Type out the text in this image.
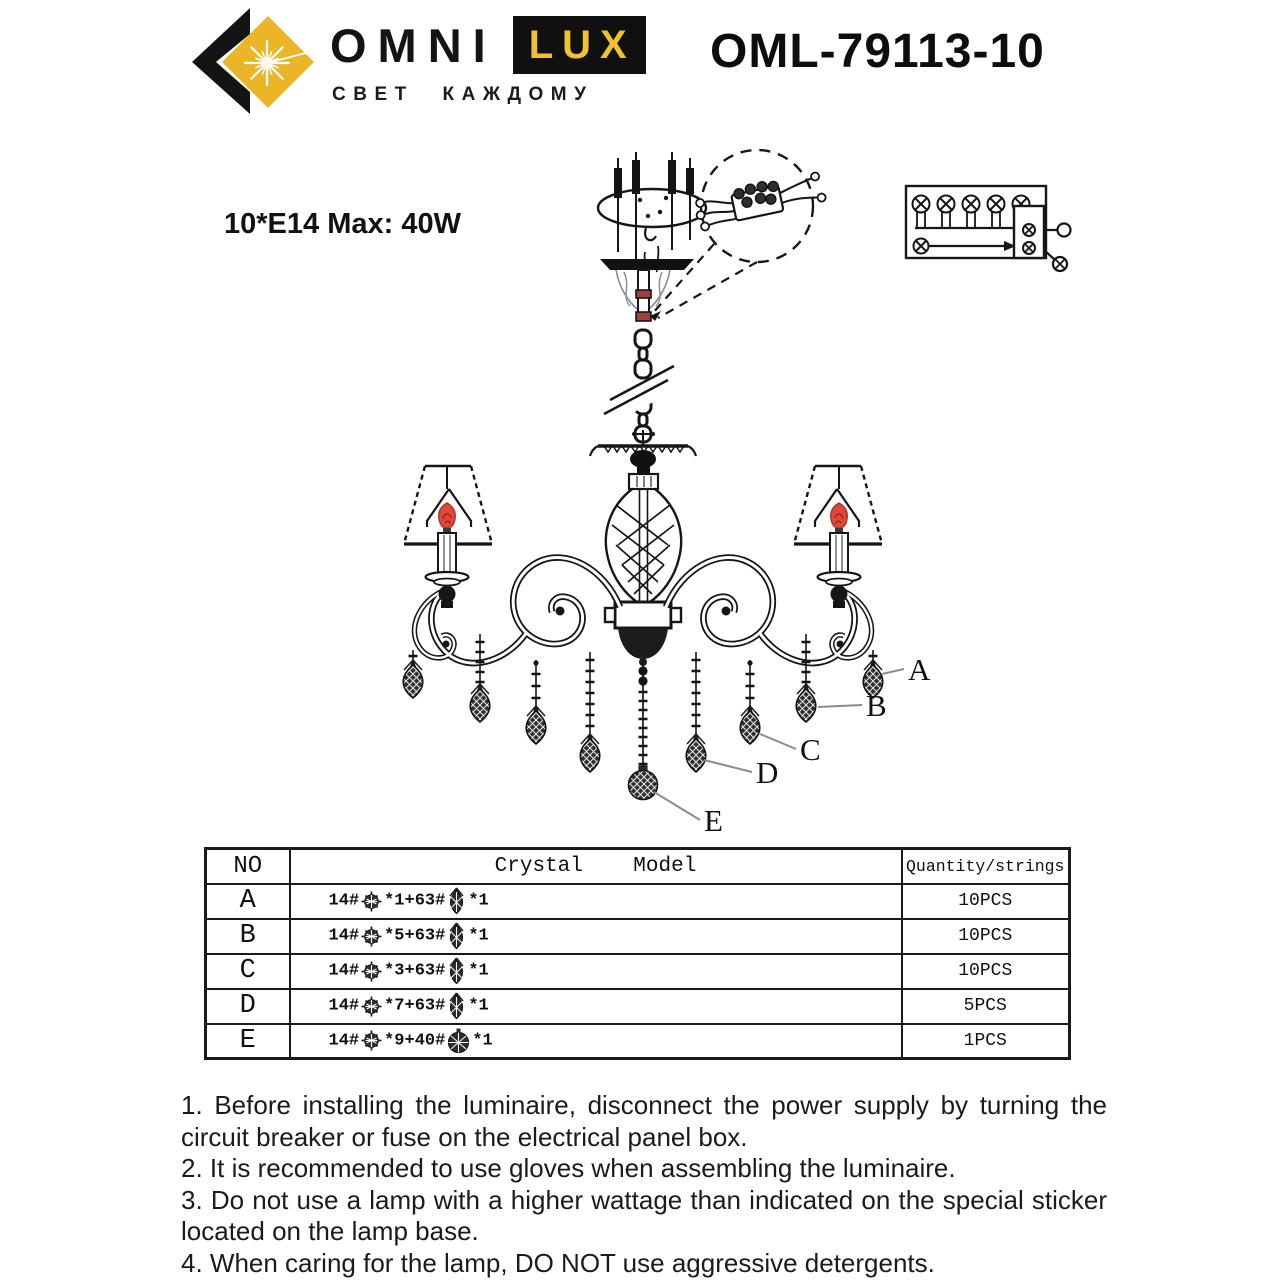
OMNI LUX
СВЕТ КАЖДОМУ
OML-79113-10
10*E14 Max: 40W
A
B
C
D
E
NO	Crystal    Model	Quantity/strings
A	14# *1+63# *1	10PCS
B	14# *5+63# *1	10PCS
C	14# *3+63# *1	10PCS
D	14# *7+63# *1	5PCS
E	14# *9+40# *1	1PCS

1. Before installing the luminaire, disconnect the power supply by turning the circuit breaker or fuse on the electrical panel box.

2. It is recommended to use gloves when assembling the luminaire.

3. Do not use a lamp with a higher wattage than indicated on the special sticker located on the lamp base.

4. When caring for the lamp, DO NOT use aggressive detergents.
